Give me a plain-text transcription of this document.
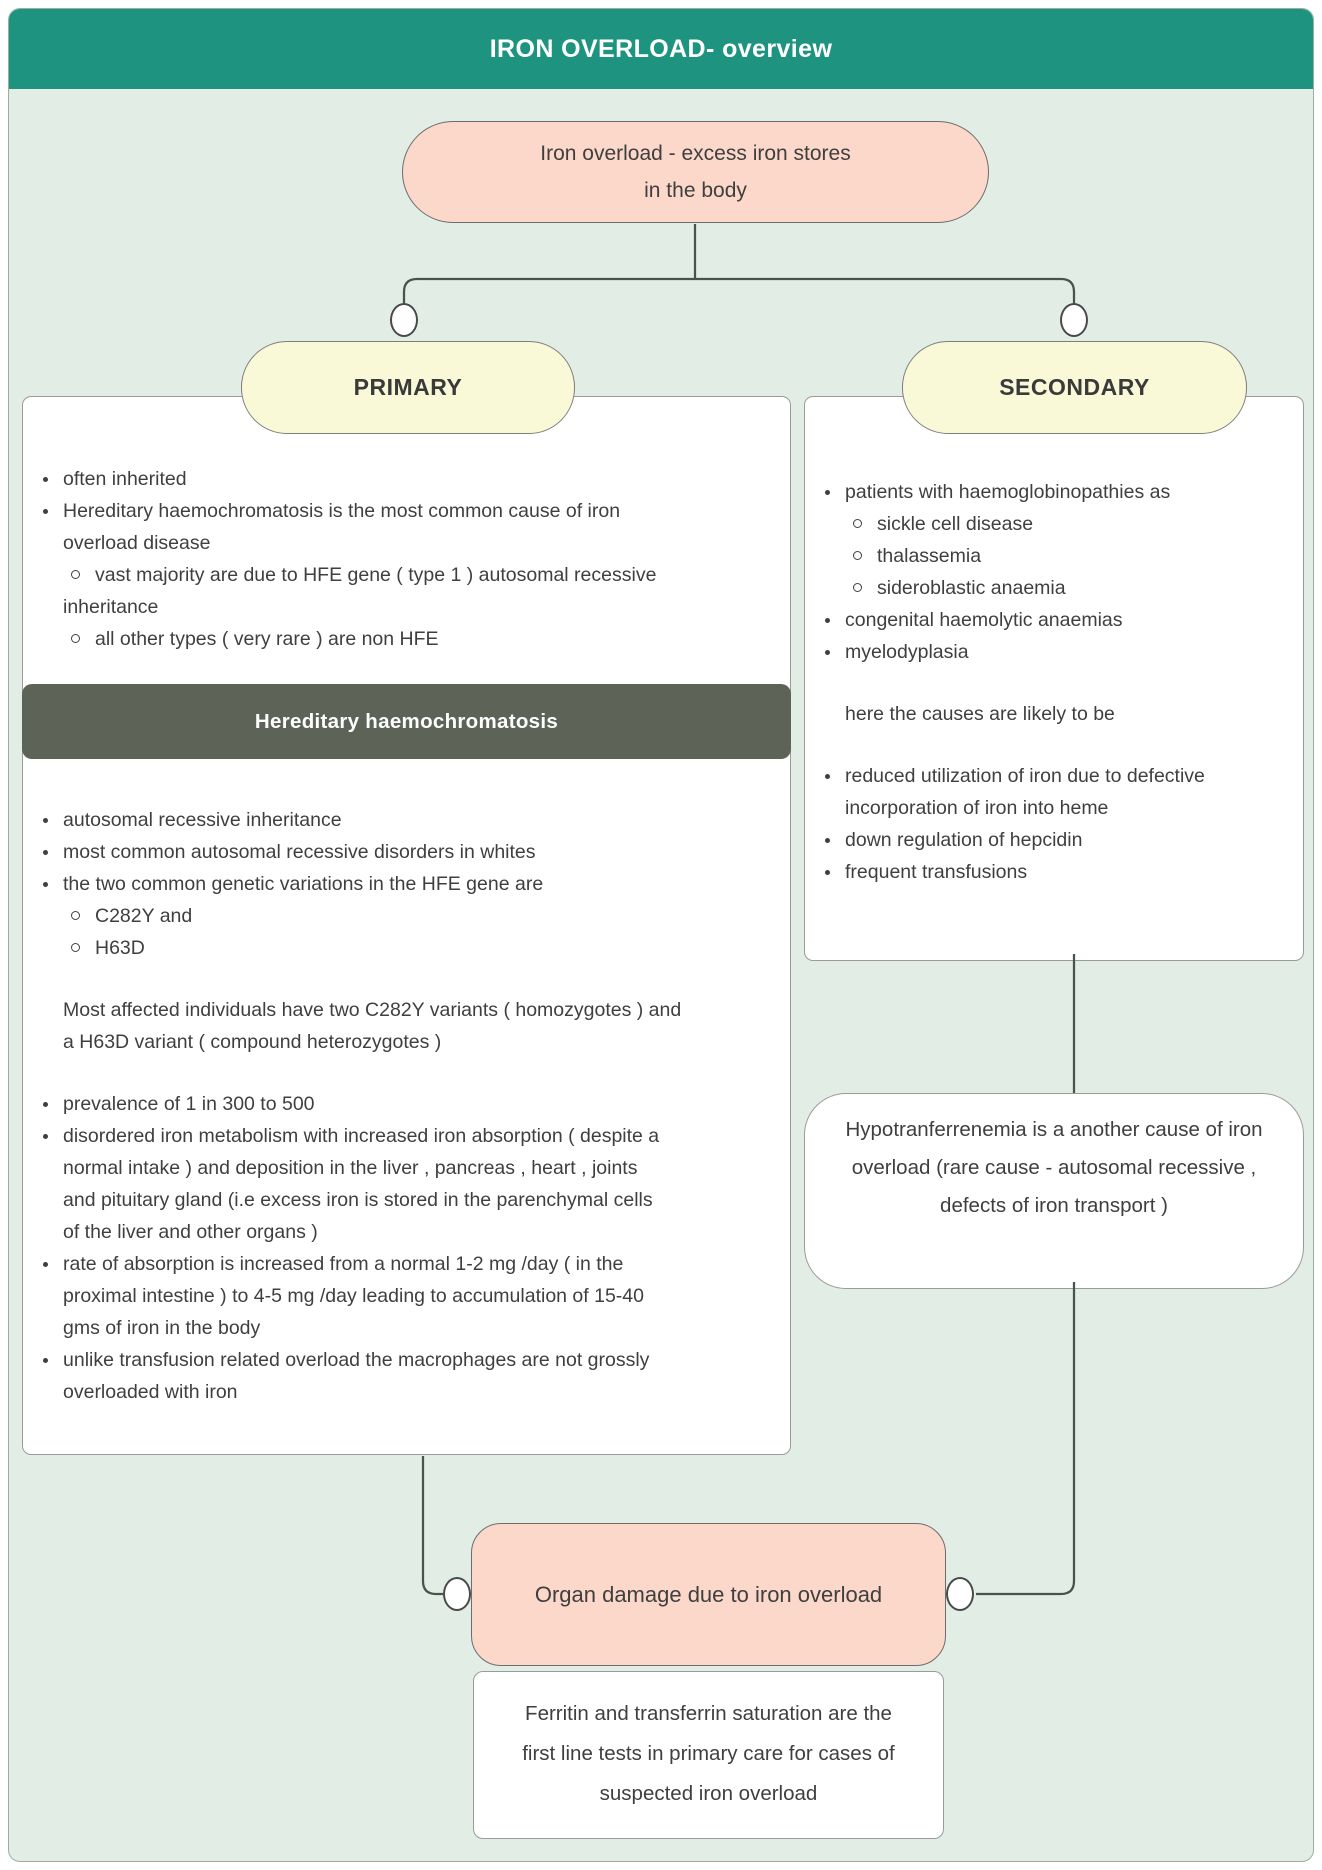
IRON OVERLOAD- overview
Iron overload - excess iron stores
in the body
PRIMARY	SECONDARY
often inherited
Hereditary haemochromatosis is the most common cause of iron
overload disease
vast majority are due to HFE gene ( type 1 ) autosomal recessive
inheritance
all other types ( very rare ) are non HFE
Hereditary haemochromatosis
autosomal recessive inheritance
most common autosomal recessive disorders in whites
the two common genetic variations in the HFE gene are
C282Y and
H63D
Most affected individuals have two C282Y variants ( homozygotes ) and
a H63D variant ( compound heterozygotes )
prevalence of 1 in 300 to 500
disordered iron metabolism with increased iron absorption ( despite a
normal intake ) and deposition in the liver , pancreas , heart , joints
and pituitary gland (i.e excess iron is stored in the parenchymal cells
of the liver and other organs )
rate of absorption is increased from a normal 1-2 mg /day ( in the
proximal intestine ) to 4-5 mg /day leading to accumulation of 15-40
gms of iron in the body
unlike transfusion related overload the macrophages are not grossly
overloaded with iron
patients with haemoglobinopathies as
sickle cell disease
thalassemia
sideroblastic anaemia
congenital haemolytic anaemias
myelodyplasia
here the causes are likely to be
reduced utilization of iron due to defective
incorporation of iron into heme
down regulation of hepcidin
frequent transfusions
Hypotranferrenemia is a another cause of iron
overload (rare cause - autosomal recessive ,
defects of iron transport )
Organ damage due to iron overload
Ferritin and transferrin saturation are the
first line tests in primary care for cases of
suspected iron overload
